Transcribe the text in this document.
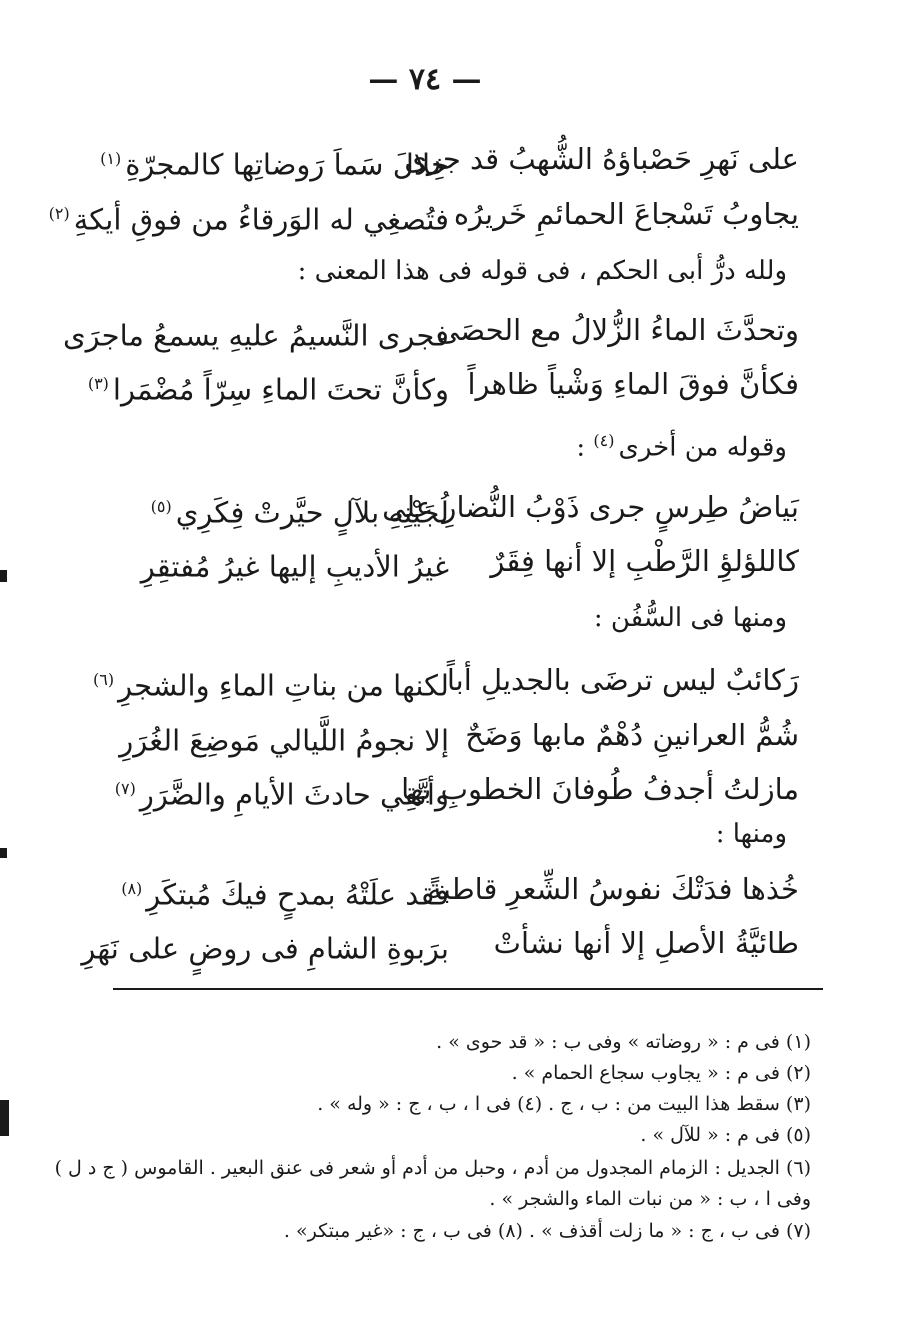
— ٧٤ —
على نَهرِ حَصْباؤهُ الشُّهبُ قد جرى
خِلالَ سَماَ رَوضاتِها كالمجرّةِ$^{(١)}$
يجاوبُ تَسْجاعَ الحمائمِ خَريرُه
فتُصغِي له الوَرقاءُ من فوقِ أيكةِ$^{(٢)}$
ولله درُّ أبى الحكم ، فى قوله فى هذا المعنى :
وتحدَّثَ الماءُ الزُّلالُ مع الحصَى
فجرى النَّسيمُ عليهِ يسمعُ ماجرَى
فكأنَّ فوقَ الماءِ وَشْياً ظاهراً
وكأنَّ تحتَ الماءِ سِرّاً مُضْمَرا$^{(٣)}$
وقوله من أخرى$^{(٤)}$ :
بَياضُ طِرسٍ جرى ذَوْبُ النُّضارِ على
لُجَيْنِهِ بلآلٍ حيَّرتْ فِكَرِي$^{(٥)}$
كاللؤلؤِ الرَّطْبِ إلا أنها فِقَرٌ
غيرُ الأديبِ إليها غيرُ مُفتقِرِ
ومنها فى السُّفُن :
رَكائبٌ ليس ترضَى بالجديلِ أباً
لكنها من بناتِ الماءِ والشجرِ$^{(٦)}$
شُمُّ العرانينِ دُهْمٌ مابها وَضَحٌ
إلا نجومُ اللَّيالي مَوضِعَ الغُرَرِ
مازلتُ أجدفُ طُوفانَ الخطوبِ بها
وأتَّقِي حادثَ الأيامِ والضَّرَرِ$^{(٧)}$
ومنها :
خُذها فدَتْكَ نفوسُ الشِّعرِ قاطبةً
فقد علَتْهُ بمدحٍ فيكَ مُبتكَرِ$^{(٨)}$
طائيَّةُ الأصلِ إلا أنها نشأتْ
برَبوةِ الشامِ فى روضٍ على نَهَرِ
(١) فى م : « روضاته » وفى ب : « قد حوى » .
(٢) فى م : « يجاوب سجاع الحمام » .
(٣) سقط هذا البيت من : ب ، ج . (٤) فى ا ، ب ، ج : « وله » .
(٥) فى م : « للآل » .
(٦) الجديل : الزمام المجدول من أدم ، وحبل من أدم أو شعر فى عنق البعير . القاموس ( ج د ل )
وفى ا ، ب : « من نبات الماء والشجر » .
(٧) فى ب ، ج : « ما زلت أقذف » . (٨) فى ب ، ج : «غير مبتكر» .
